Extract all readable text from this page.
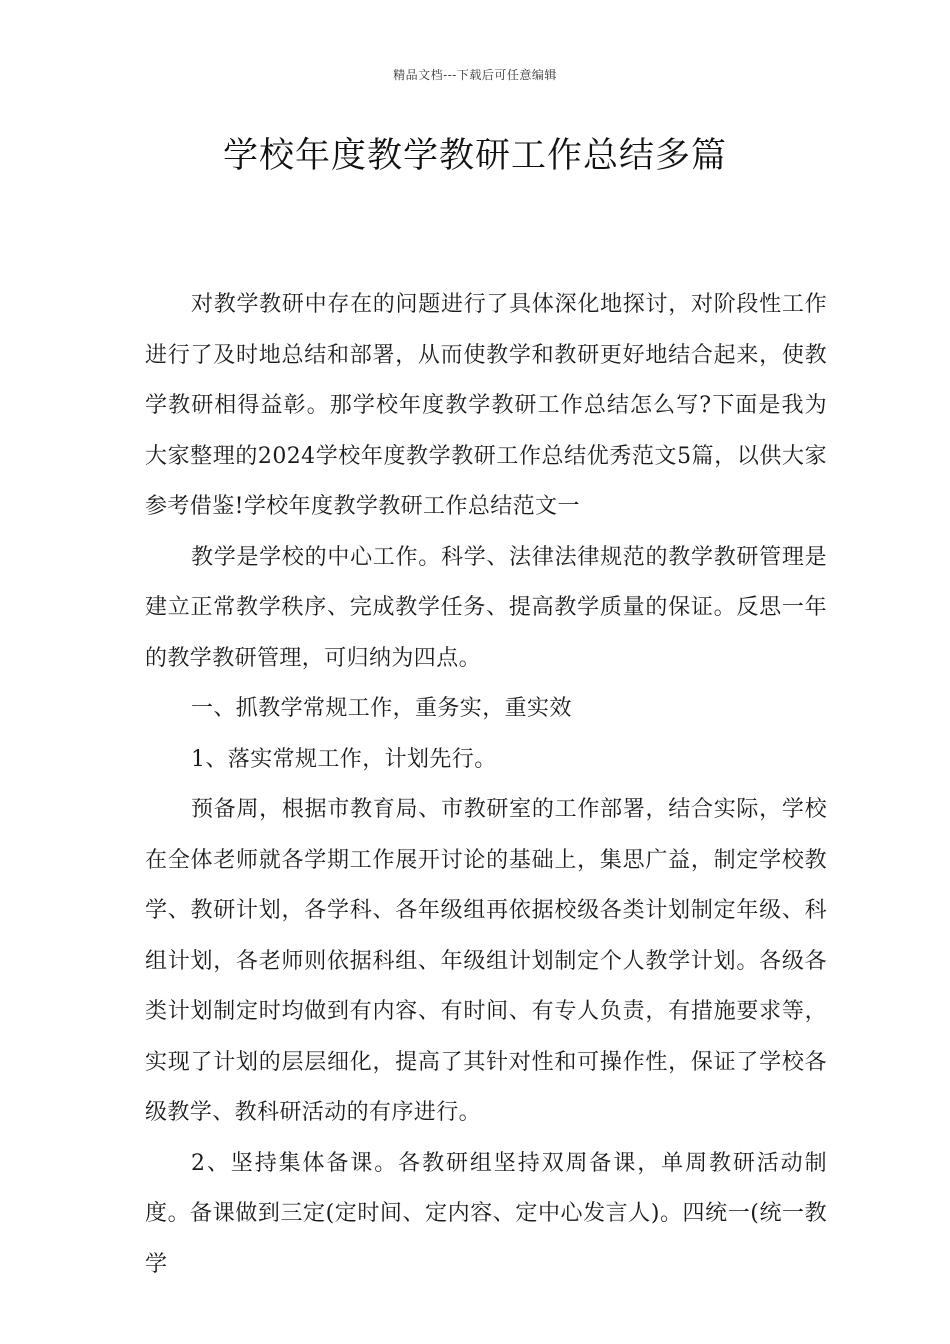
精品文档---下载后可任意编辑
学校年度教学教研工作总结多篇

对教学教研中存在的问题进行了具体深化地探讨，对阶段性工作进行了及时地总结和部署，从而使教学和教研更好地结合起来，使教学教研相得益彰。那学校年度教学教研工作总结怎么写?下面是我为大家整理的2024学校年度教学教研工作总结优秀范文5篇，以供大家参考借鉴!学校年度教学教研工作总结范文一

教学是学校的中心工作。科学、法律法律规范的教学教研管理是建立正常教学秩序、完成教学任务、提高教学质量的保证。反思一年的教学教研管理，可归纳为四点。

一、抓教学常规工作，重务实，重实效

1、落实常规工作，计划先行。

预备周，根据市教育局、市教研室的工作部署，结合实际，学校在全体老师就各学期工作展开讨论的基础上，集思广益，制定学校教学、教研计划，各学科、各年级组再依据校级各类计划制定年级、科组计划，各老师则依据科组、年级组计划制定个人教学计划。各级各类计划制定时均做到有内容、有时间、有专人负责，有措施要求等，实现了计划的层层细化，提高了其针对性和可操作性，保证了学校各级教学、教科研活动的有序进行。

2、坚持集体备课。各教研组坚持双周备课，单周教研活动制度。备课做到三定(定时间、定内容、定中心发言人)。四统一(统一教学
